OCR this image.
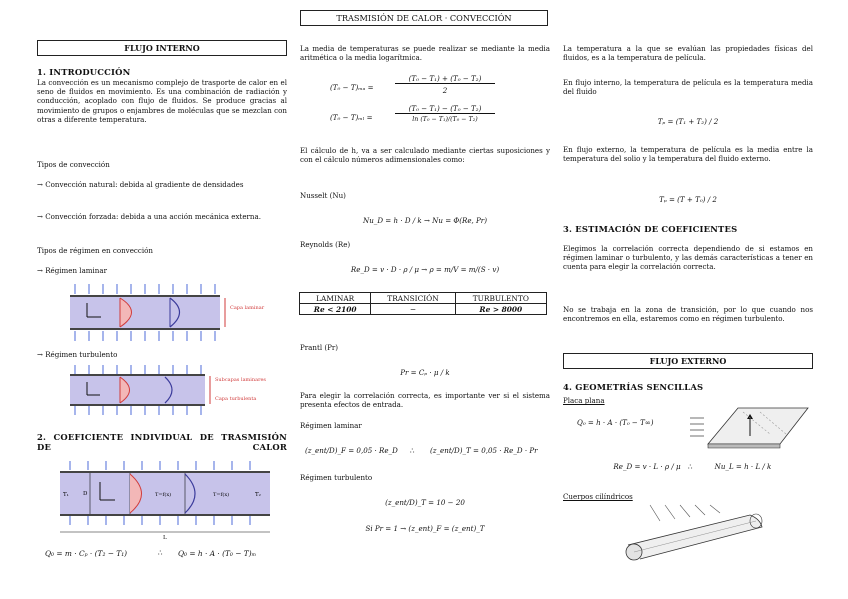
TRASMISIÓN DE CALOR · CONVECCIÓN
FLUJO INTERNO
1. INTRODUCCIÓN
La convección es un mecanismo complejo de trasporte de calor en el seno de fluidos en movimiento. Es una combinación de radiación y conducción, acoplado con flujo de fluidos. Se produce gracias al movimiento de grupos o enjambres de moléculas que se mezclan con otras a diferente temperatura.
Tipos de convección
→ Convección natural: debida al gradiente de densidades
→ Convección forzada: debida a una acción mecánica externa.
Tipos de régimen en convección
→ Régimen laminar
Capa laminar
→ Régimen turbulento
Subcapas laminares
Capa turbulenta
2. COEFICIENTE INDIVIDUAL DE TRASMISIÓN DE CALOR
T₁	T₂
D	T=f(x)	T=f(x)
L
Q₀ = m · Cₚ · (T₂ − T₁)	∴ Q₀ = h · A · (T₀ − T)ₘ
La media de temperaturas se puede realizar se mediante la media aritmética o la media logarítmica.
(T₀ − T)ₘₐ =
(T₀ − T₁) + (T₀ − T₂)
2
(T₀ − T)ₘₗ =
(T₀ − T₁) − (T₀ − T₂)
ln (T₀ − T₁)/(T₀ − T₂)
El cálculo de h, va a ser calculado mediante ciertas suposiciones y con el cálculo números adimensionales como:
Nusselt (Nu)
Nu_D = h · D / k → Nu = Φ(Re, Pr)
Reynolds (Re)
Re_D = v · D · ρ / μ → ρ = m/V = m/(S · v)
LAMINAR	TRANSICIÓN	TURBULENTO
Re < 2100	−	Re > 8000
Prantl (Pr)
Pr = Cₚ · μ / k
Para elegir la correlación correcta, es importante ver si el sistema presenta efectos de entrada.
Régimen laminar
(z_ent/D)_F = 0,05 · Re_D ∴ (z_ent/D)_T = 0,05 · Re_D · Pr
Régimen turbulento
(z_ent/D)_T = 10 − 20
Si Pr = 1 → (z_ent)_F = (z_ent)_T
La temperatura a la que se evalúan las propiedades físicas del fluidos, es a la temperatura de película.
En flujo interno, la temperatura de película es la temperatura media del fluido
Tₚ = (T₁ + T₂) / 2
En flujo externo, la temperatura de película es la media entre la temperatura del solio y la temperatura del fluido externo.
Tₚ = (T + T₀) / 2
3. ESTIMACIÓN DE COEFICIENTES
Elegimos la correlación correcta dependiendo de si estamos en régimen laminar o turbulento, y las demás características a tener en cuenta para elegir la correlación correcta.
No se trabaja en la zona de transición, por lo que cuando nos encontremos en ella, estaremos como en régimen turbulento.
FLUJO EXTERNO
4. GEOMETRÍAS SENCILLAS
Placa plana
Q₀ = h · A · (T₀ − T∞)
Re_D = v · L · ρ / μ ∴	Nu_L = h · L / k
Cuerpos cilíndricos
